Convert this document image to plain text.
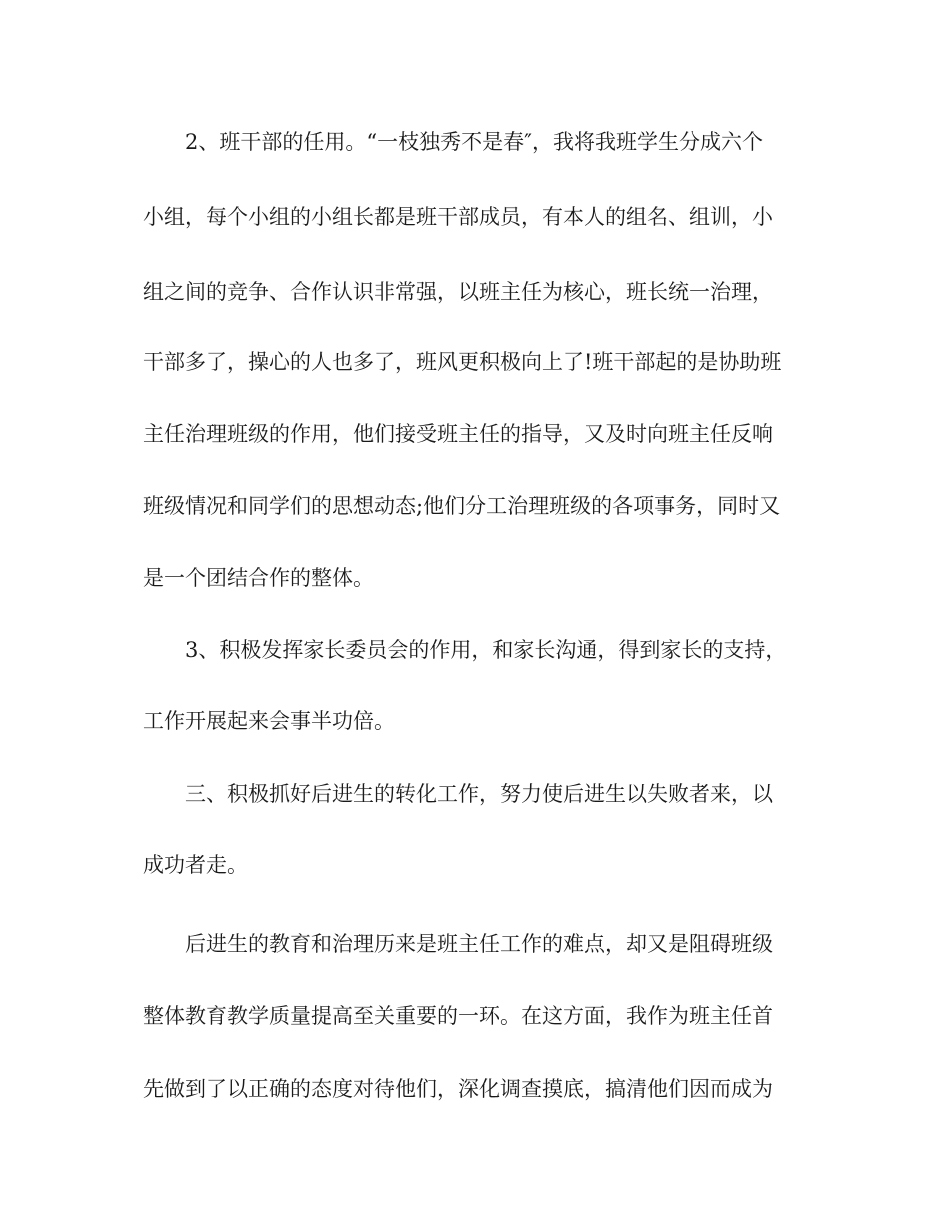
2、班干部的任用。“一枝独秀不是春″，我将我班学生分成六个
小组，每个小组的小组长都是班干部成员，有本人的组名、组训，小
组之间的竞争、合作认识非常强，以班主任为核心，班长统一治理，
干部多了，操心的人也多了，班风更积极向上了!班干部起的是协助班
主任治理班级的作用，他们接受班主任的指导，又及时向班主任反响
班级情况和同学们的思想动态;他们分工治理班级的各项事务，同时又
是一个团结合作的整体。
3、积极发挥家长委员会的作用，和家长沟通，得到家长的支持，
工作开展起来会事半功倍。
三、积极抓好后进生的转化工作，努力使后进生以失败者来，以
成功者走。
后进生的教育和治理历来是班主任工作的难点，却又是阻碍班级
整体教育教学质量提高至关重要的一环。在这方面，我作为班主任首
先做到了以正确的态度对待他们，深化调查摸底，搞清他们因而成为
